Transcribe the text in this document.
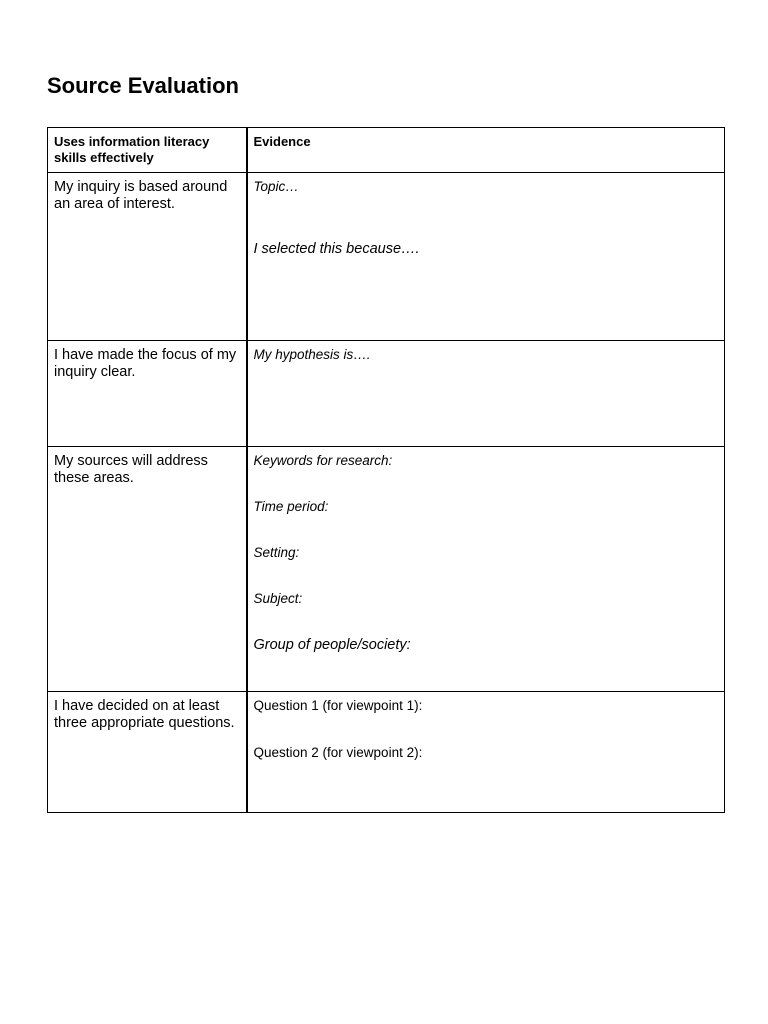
Source Evaluation
Uses information literacy skills effectively	Evidence

My inquiry is based around an area of interest.	Topic…
I selected this because….

I have made the focus of my inquiry clear.	My hypothesis is….

My sources will address these areas.	Keywords for research:
Time period:
Setting:
Subject:
Group of people/society:

I have decided on at least three appropriate questions.	Question 1 (for viewpoint 1):
Question 2 (for viewpoint 2):
